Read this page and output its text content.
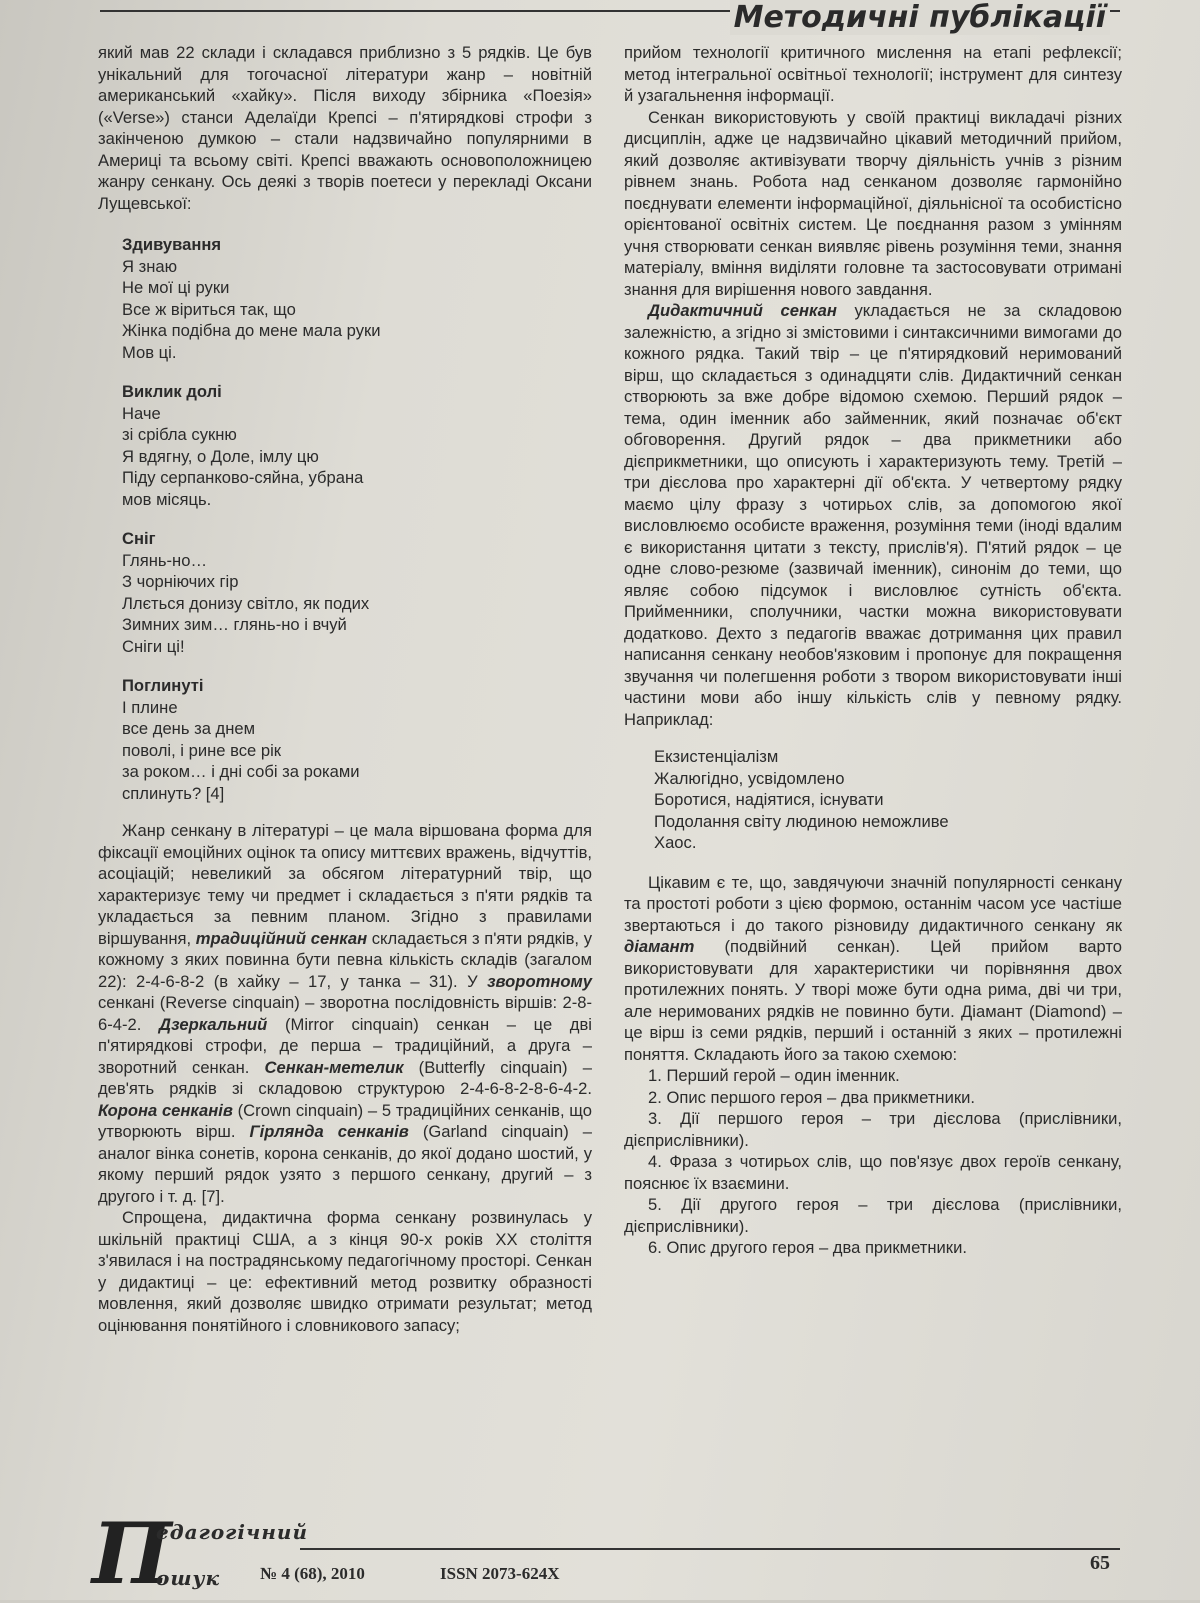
Методичні публікації

який мав 22 склади і складався приблизно з 5 рядків. Це був унікальний для тогочасної літератури жанр – новітній американський «хайку». Після виходу збірника «Поезія» («Verse») станси Аделаїди Крепсі – п'ятирядкові строфи з закінченою думкою – стали надзвичайно популярними в Америці та всьому світі. Крепсі вважають основоположницею жанру сенкану. Ось деякі з творів поетеси у перекладі Оксани Лущевської:

Здивування
Я знаю
Не мої ці руки
Все ж віриться так, що
Жінка подібна до мене мала руки
Мов ці.
Виклик долі
Наче
зі срібла сукню
Я вдягну, о Доле, імлу цю
Піду серпанково-сяйна, убрана
мов місяць.
Сніг
Глянь-но…
З чорніючих гір
Ллється донизу світло, як подих
Зимних зим… глянь-но і вчуй
Сніги ці!
Поглинуті
І плине
все день за днем
поволі, і рине все рік
за роком… і дні собі за роками
сплинуть? [4]

Жанр сенкану в літературі – це мала віршована форма для фіксації емоційних оцінок та опису миттєвих вражень, відчуттів, асоціацій; невеликий за обсягом літературний твір, що характеризує тему чи предмет і складається з п'яти рядків та укладається за певним планом. Згідно з правилами віршування, традиційний сенкан складається з п'яти рядків, у кожному з яких повинна бути певна кількість складів (загалом 22): 2-4-6-8-2 (в хайку – 17, у танка – 31). У зворотному сенкані (Reverse cinquain) – зворотна послідовність віршів: 2-8-6-4-2. Дзеркальний (Mirror cinquain) сенкан – це дві п'ятирядкові строфи, де перша – традиційний, а друга – зворотний сенкан. Сенкан-метелик (Butterfly cinquain) – дев'ять рядків зі складовою структурою 2-4-6-8-2-8-6-4-2. Корона сенканів (Crown cinquain) – 5 традиційних сенканів, що утворюють вірш. Гірлянда сенканів (Garland cinquain) – аналог вінка сонетів, корона сенканів, до якої додано шостий, у якому перший рядок узято з першого сенкану, другий – з другого і т. д. [7].

Спрощена, дидактична форма сенкану розвинулась у шкільній практиці США, а з кінця 90-х років XX століття з'явилася і на пострадянському педагогічному просторі. Сенкан у дидактиці – це: ефективний метод розвитку образності мовлення, який дозволяє швидко отримати результат; метод оцінювання понятійного і словникового запасу;

прийом технології критичного мислення на етапі рефлексії; метод інтегральної освітньої технології; інструмент для синтезу й узагальнення інформації.

Сенкан використовують у своїй практиці викладачі різних дисциплін, адже це надзвичайно цікавий методичний прийом, який дозволяє активізувати творчу діяльність учнів з різним рівнем знань. Робота над сенканом дозволяє гармонійно поєднувати елементи інформаційної, діяльнісної та особистісно орієнтованої освітніх систем. Це поєднання разом з умінням учня створювати сенкан виявляє рівень розуміння теми, знання матеріалу, вміння виділяти головне та застосовувати отримані знання для вирішення нового завдання.

Дидактичний сенкан укладається не за складовою залежністю, а згідно зі змістовими і синтаксичними вимогами до кожного рядка. Такий твір – це п'ятирядковий неримований вірш, що складається з одинадцяти слів. Дидактичний сенкан створюють за вже добре відомою схемою. Перший рядок – тема, один іменник або займенник, який позначає об'єкт обговорення. Другий рядок – два прикметники або дієприкметники, що описують і характеризують тему. Третій – три дієслова про характерні дії об'єкта. У четвертому рядку маємо цілу фразу з чотирьох слів, за допомогою якої висловлюємо особисте враження, розуміння теми (іноді вдалим є використання цитати з тексту, прислів'я). П'ятий рядок – це одне слово-резюме (зазвичай іменник), синонім до теми, що являє собою підсумок і висловлює сутність об'єкта. Прийменники, сполучники, частки можна використовувати додатково. Дехто з педагогів вважає дотримання цих правил написання сенкану необов'язковим і пропонує для покращення звучання чи полегшення роботи з твором використовувати інші частини мови або іншу кількість слів у певному рядку. Наприклад:

Екзистенціалізм
Жалюгідно, усвідомлено
Боротися, надіятися, існувати
Подолання світу людиною неможливе
Хаос.

Цікавим є те, що, завдячуючи значній популярності сенкану та простоті роботи з цією формою, останнім часом усе частіше звертаються і до такого різновиду дидактичного сенкану як діамант (подвійний сенкан). Цей прийом варто використовувати для характеристики чи порівняння двох протилежних понять. У творі може бути одна рима, дві чи три, але неримованих рядків не повинно бути. Діамант (Diamond) – це вірш із семи рядків, перший і останній з яких – протилежні поняття. Складають його за такою схемою:

1. Перший герой – один іменник.
2. Опис першого героя – два прикметники.
3. Дії першого героя – три дієслова (прислівники, дієприслівники).
4. Фраза з чотирьох слів, що пов'язує двох героїв сенкану, пояснює їх взаємини.
5. Дії другого героя – три дієслова (прислівники, дієприслівники).
6. Опис другого героя – два прикметники.
П
едагогічний
ошук № 4 (68), 2010	ISSN 2073-624X	65
